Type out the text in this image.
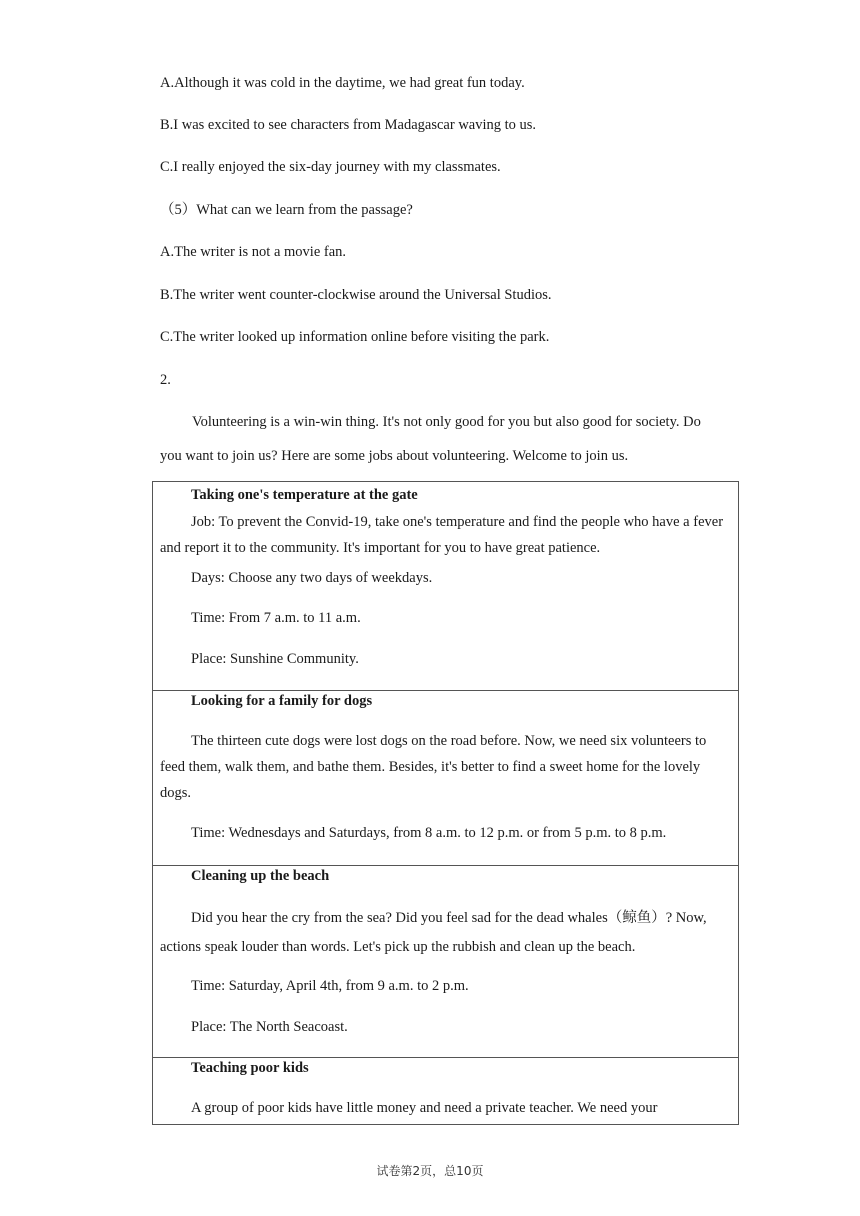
A.Although it was cold in the daytime, we had great fun today.
B.I was excited to see characters from Madagascar waving to us.
C.I really enjoyed the six-day journey with my classmates.
（5）What can we learn from the passage?
A.The writer is not a movie fan.
B.The writer went counter-clockwise around the Universal Studios.
C.The writer looked up information online before visiting the park.
2.
Volunteering is a win-win thing. It's not only good for you but also good for society. Do
you want to join us? Here are some jobs about volunteering. Welcome to join us.
Taking one's temperature at the gate
Job: To prevent the Convid-19, take one's temperature and find the people who have a fever and report it to the community. It's important for you to have great patience.
Days: Choose any two days of weekdays.
Time: From 7 a.m. to 11 a.m.
Place: Sunshine Community.
Looking for a family for dogs
The thirteen cute dogs were lost dogs on the road before. Now, we need six volunteers to feed them, walk them, and bathe them. Besides, it's better to find a sweet home for the lovely dogs.
Time: Wednesdays and Saturdays, from 8 a.m. to 12 p.m. or from 5 p.m. to 8 p.m.
Cleaning up the beach
Did you hear the cry from the sea? Did you feel sad for the dead whales（鲸鱼）? Now, actions speak louder than words. Let's pick up the rubbish and clean up the beach.
Time: Saturday, April 4th, from 9 a.m. to 2 p.m.
Place: The North Seacoast.
Teaching poor kids
A group of poor kids have little money and need a private teacher. We need your
试卷第2页，总10页
